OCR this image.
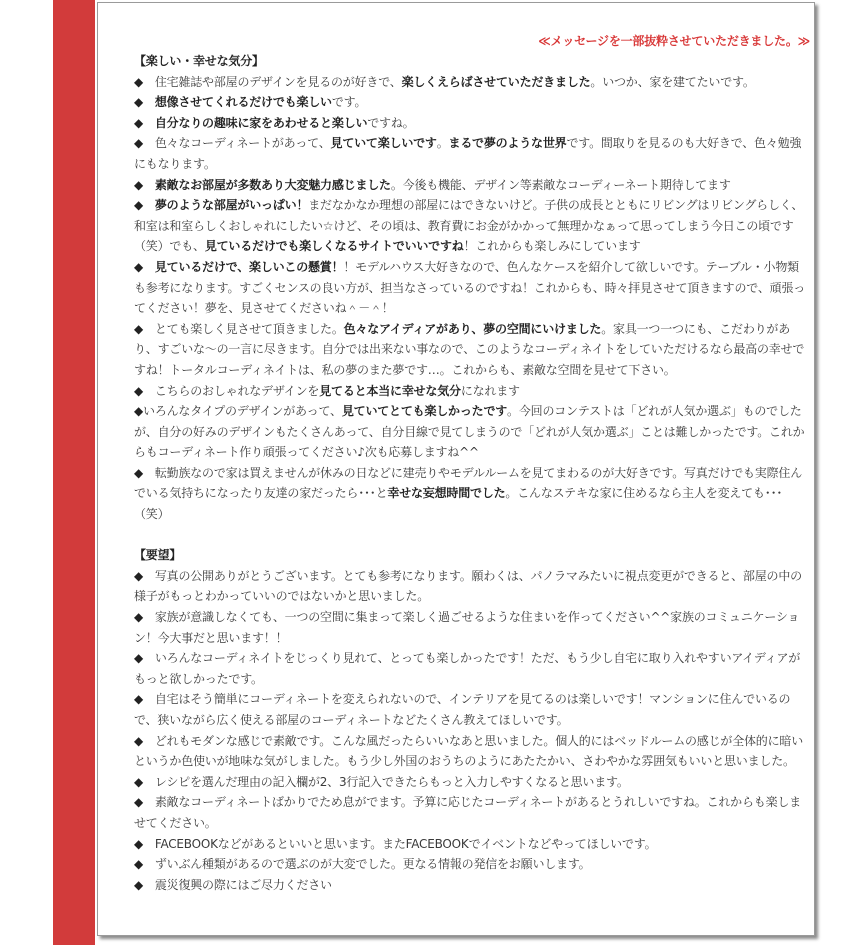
≪メッセージを一部抜粋させていただきました。≫
【楽しい・幸せな気分】
◆　住宅雑誌や部屋のデザインを見るのが好きで、楽しくえらばさせていただきました。いつか、家を建てたいです。
◆　想像させてくれるだけでも楽しいです。
◆　自分なりの趣味に家をあわせると楽しいですね。
◆　色々なコーディネートがあって、見ていて楽しいです。まるで夢のような世界です。間取りを見るのも大好きで、色々勉強にもなります。
◆　素敵なお部屋が多数あり大変魅力感じました。今後も機能、デザイン等素敵なコーディーネート期待してます
◆　夢のような部屋がいっぱい！まだなかなか理想の部屋にはできないけど。子供の成長とともにリビングはリビングらしく、和室は和室らしくおしゃれにしたい☆けど、その頃は、教育費にお金がかかって無理かなぁって思ってしまう今日この頃です（笑）でも、見ているだけでも楽しくなるサイトでいいですね！これからも楽しみにしています
◆　見ているだけで、楽しいこの懸賞！！モデルハウス大好きなので、色んなケースを紹介して欲しいです。テーブル・小物類も参考になります。すごくセンスの良い方が、担当なさっているのですね！これからも、時々拝見させて頂きますので、頑張ってください！夢を、見させてくださいね＾－＾！
◆　とても楽しく見させて頂きました。色々なアイディアがあり、夢の空間にいけました。家具一つ一つにも、こだわりがあり、すごいな～の一言に尽きます。自分では出来ない事なので、このようなコーディネイトをしていただけるなら最高の幸せですね！トータルコーディネイトは、私の夢のまた夢です…。これからも、素敵な空間を見せて下さい。
◆　こちらのおしゃれなデザインを見てると本当に幸せな気分になれます
◆いろんなタイプのデザインがあって、見ていてとても楽しかったです。今回のコンテストは「どれが人気か選ぶ」ものでしたが、自分の好みのデザインもたくさんあって、自分目線で見てしまうので「どれが人気か選ぶ」ことは難しかったです。これからもコーディネート作り頑張ってください♪次も応募しますね^^
◆　転勤族なので家は買えませんが休みの日などに建売りやモデルルームを見てまわるのが大好きです。写真だけでも実際住んでいる気持ちになったり友達の家だったら･･･と幸せな妄想時間でした。こんなステキな家に住めるなら主人を変えても･･･（笑）
【要望】
◆　写真の公開ありがとうございます。とても参考になります。願わくは、パノラマみたいに視点変更ができると、部屋の中の様子がもっとわかっていいのではないかと思いました。
◆　家族が意識しなくても、一つの空間に集まって楽しく過ごせるような住まいを作ってください^^家族のコミュニケーション！今大事だと思います！！
◆　いろんなコーディネイトをじっくり見れて、とっても楽しかったです！ただ、もう少し自宅に取り入れやすいアイディアがもっと欲しかったです。
◆　自宅はそう簡単にコーディネートを変えられないので、インテリアを見てるのは楽しいです！マンションに住んでいるので、狭いながら広く使える部屋のコーディネートなどたくさん教えてほしいです。
◆　どれもモダンな感じで素敵です。こんな風だったらいいなあと思いました。個人的にはベッドルームの感じが全体的に暗いというか色使いが地味な気がしました。もう少し外国のおうちのようにあたたかい、さわやかな雰囲気もいいと思いました。
◆　レシピを選んだ理由の記入欄が2、3行記入できたらもっと入力しやすくなると思います。
◆　素敵なコーディネートばかりでため息がでます。予算に応じたコーディネートがあるとうれしいですね。これからも楽しませてください。
◆　FACEBOOKなどがあるといいと思います。またFACEBOOKでイベントなどやってほしいです。
◆　ずいぶん種類があるので選ぶのが大変でした。更なる情報の発信をお願いします。
◆　震災復興の際にはご尽力ください
